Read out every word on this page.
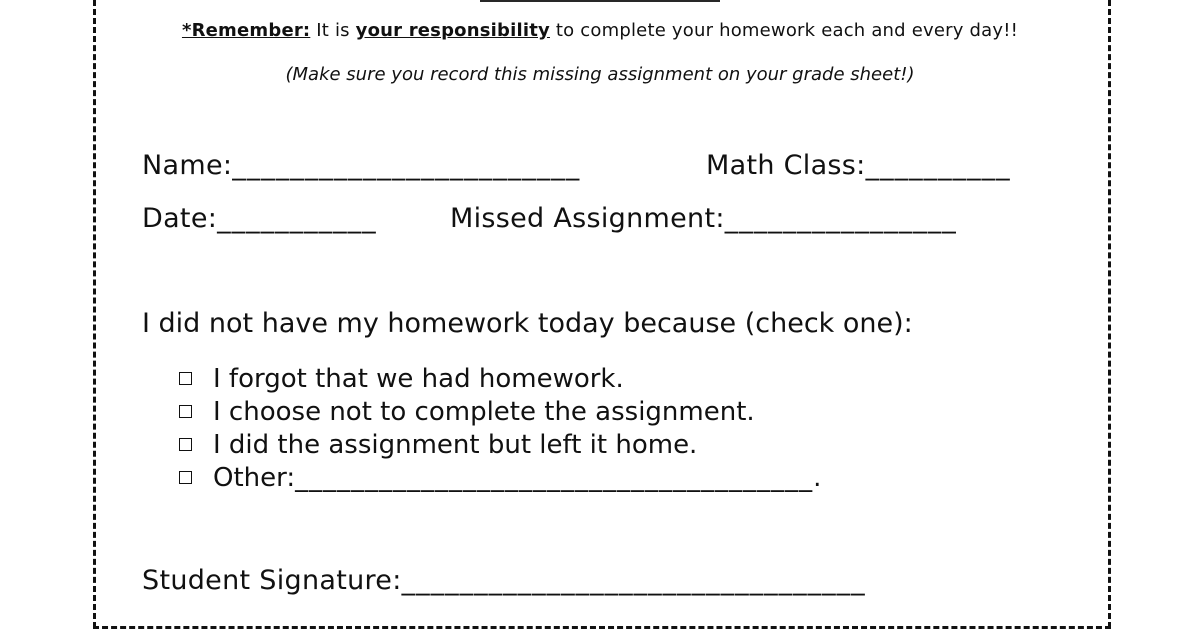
*Remember: It is your responsibility to complete your homework each and every day!!
(Make sure you record this missing assignment on your grade sheet!)
Name:________________________	Math Class:__________
Date:___________	Missed Assignment:________________
I did not have my homework today because (check one):
I forgot that we had homework.
I choose not to complete the assignment.
I did the assignment but left it home.
Other: _____________________________________.
Student Signature:________________________________
